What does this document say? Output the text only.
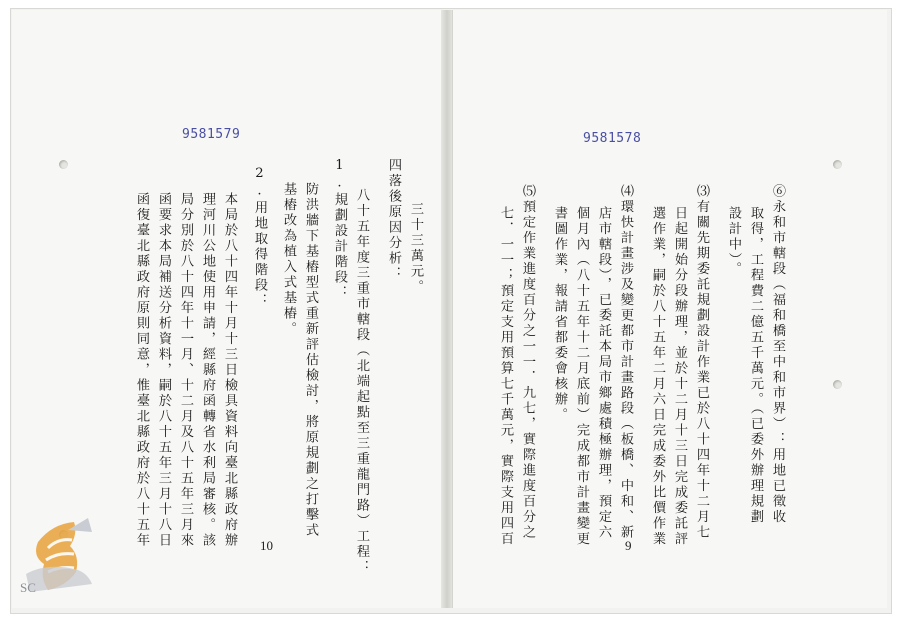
9581579
三十三萬元。
四落後原因分析：
八十五年度三重市轄段（北端起點至三重龍門路）工程：
1.規劃設計階段：
防洪牆下基樁型式重新評估檢討，將原規劃之打擊式
基樁改為植入式基樁。
2.用地取得階段：
本局於八十四年十月十三日檢具資料向臺北縣政府辦
理河川公地使用申請，經縣府函轉省水利局審核。該
局分別於八十四年十一月、十二月及八十五年三月來
函要求本局補送分析資料，嗣於八十五年三月十八日
函復臺北縣政府原則同意，惟臺北縣政府於八十五年	10
9581578
⑥永和市轄段（福和橋至中和市界）：用地已徵收
取得，工程費二億五千萬元。（已委外辦理規劃
設計中）。
⑶有關先期委託規劃設計作業已於八十四年十二月七
日起開始分段辦理，並於十二月十三日完成委託評
選作業，嗣於八十五年二月六日完成委外比價作業
⑷環快計畫涉及變更都市計畫路段（板橋、中和、新
店市轄段），已委託本局市鄉處積極辦理，預定六
個月內（八十五年十二月底前）完成都市計畫變更
書圖作業，報請省都委會核辦。
⑸預定作業進度百分之一一．九七，實際進度百分之
七．一一；預定支用預算七千萬元，實際支用四百	9
SC
